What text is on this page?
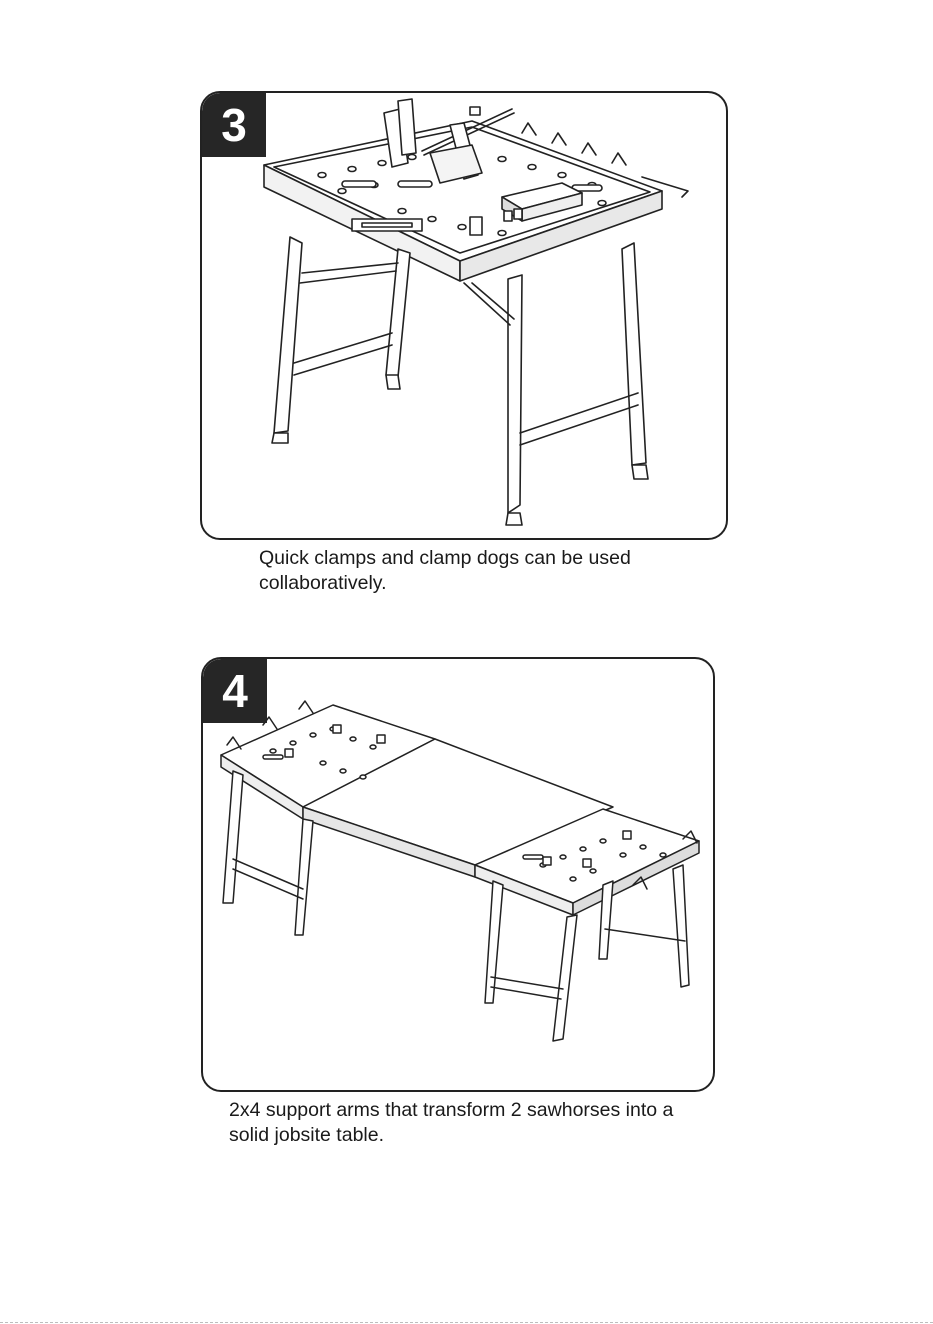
3

Quick clamps and clamp dogs can be used collaboratively.

4

2x4 support arms that transform 2 sawhorses into a solid jobsite table.
